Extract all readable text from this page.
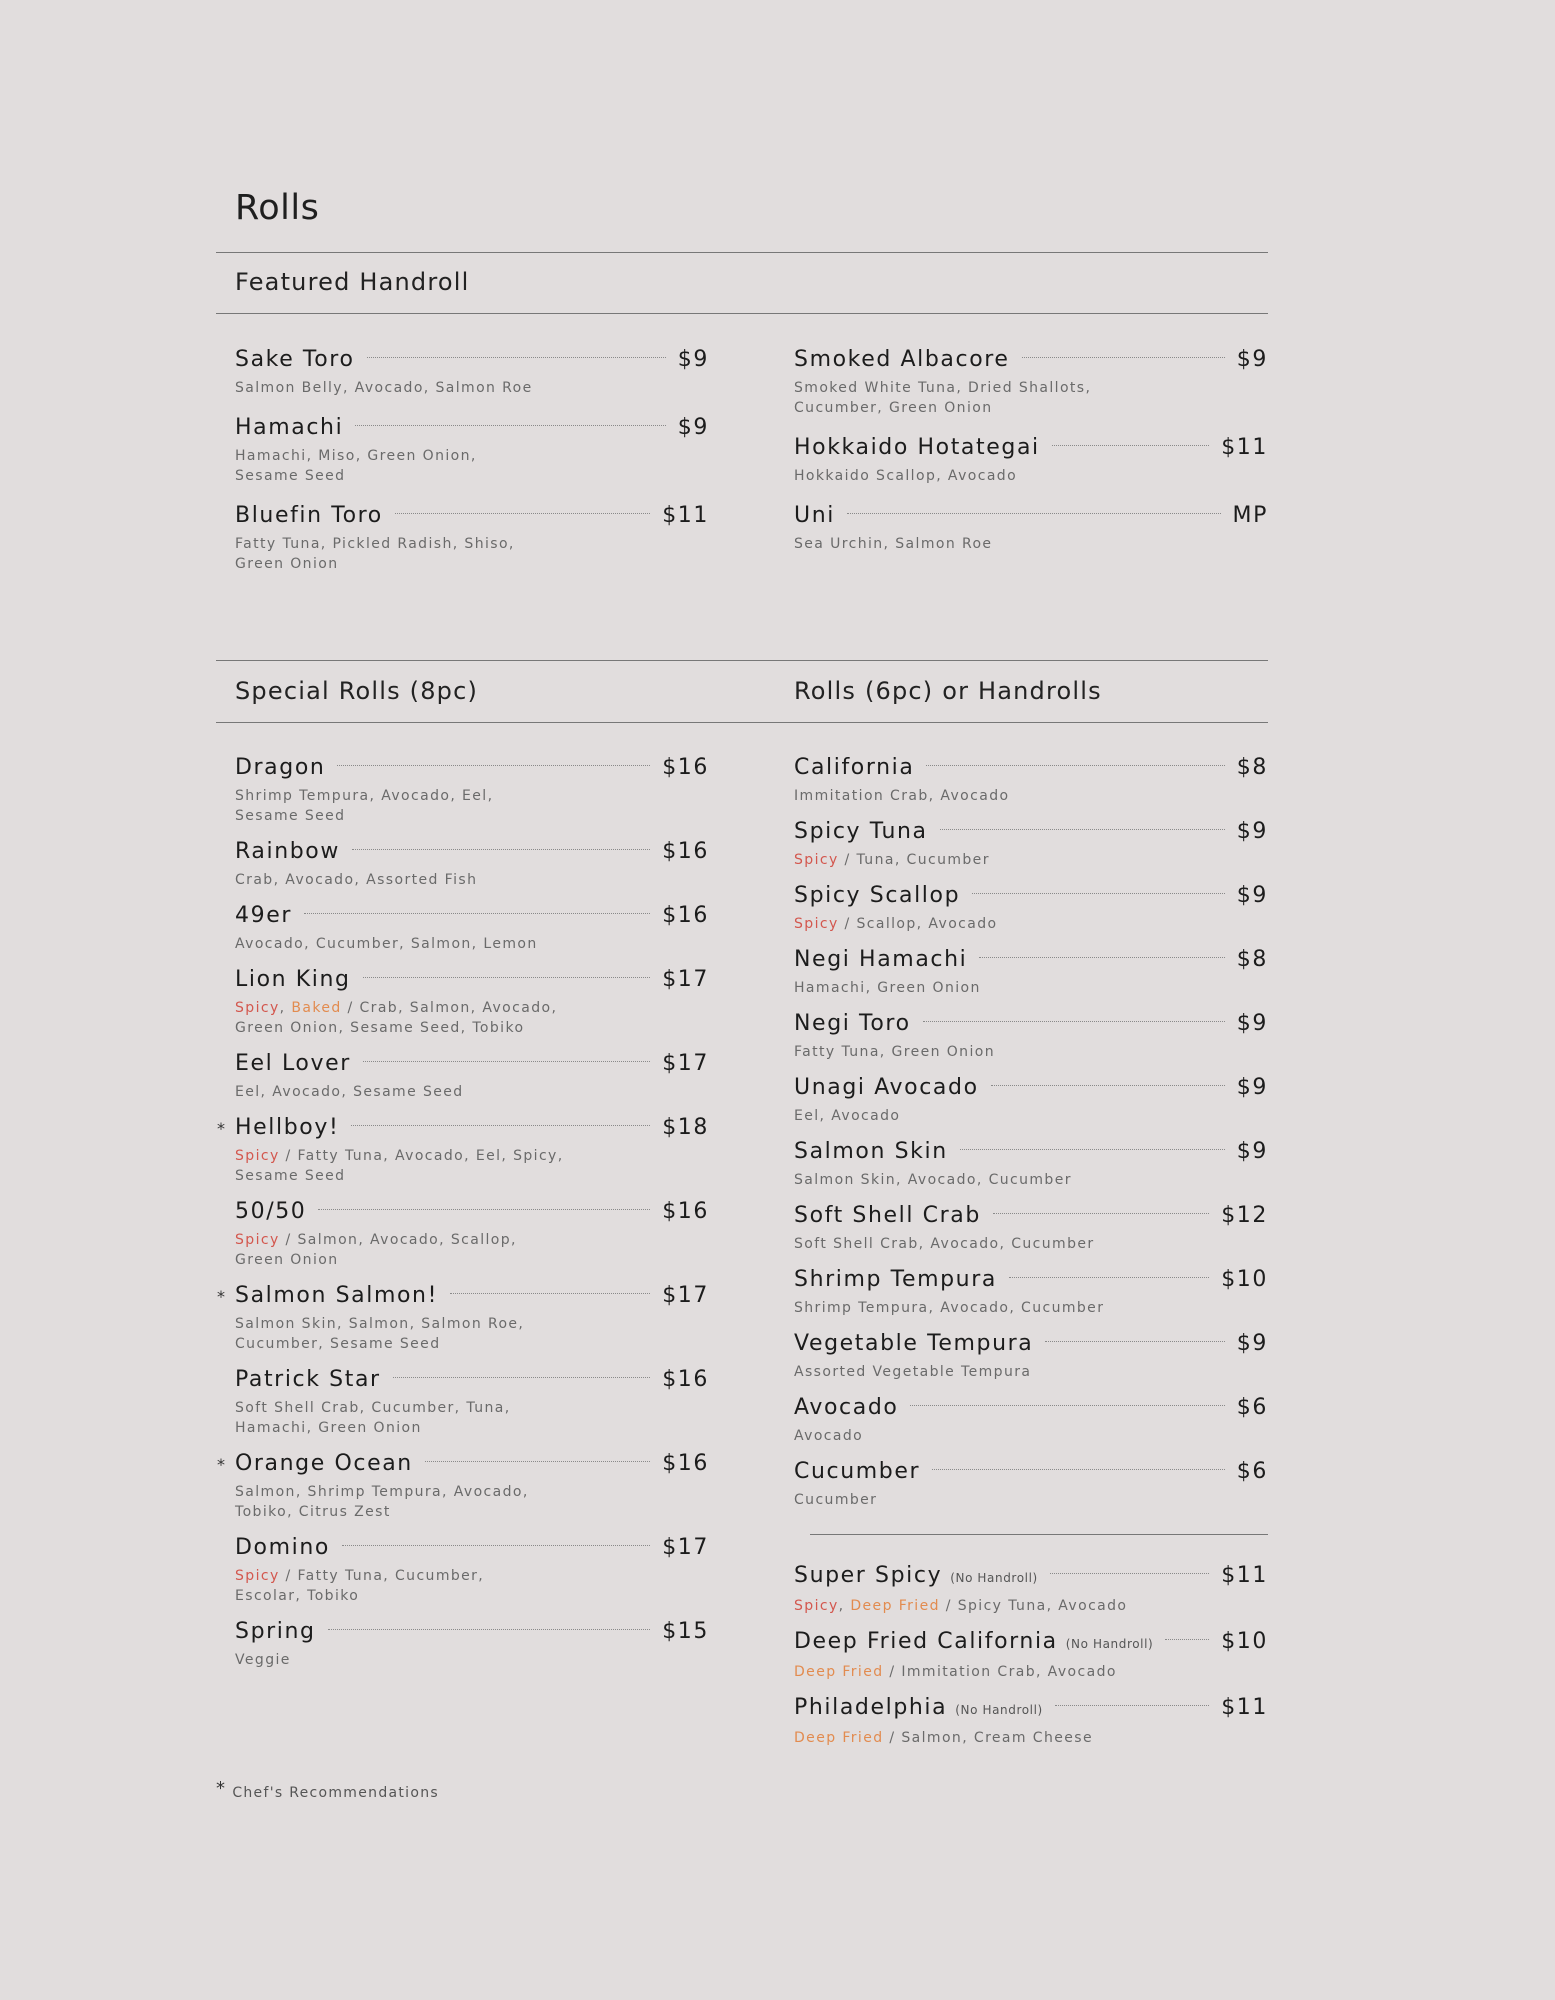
Rolls
Featured Handroll
Sake Toro	$9
Salmon Belly, Avocado, Salmon Roe
Hamachi	$9
Hamachi, Miso, Green Onion,
Sesame Seed
Bluefin Toro	$11
Fatty Tuna, Pickled Radish, Shiso,
Green Onion
Smoked Albacore	$9
Smoked White Tuna, Dried Shallots,
Cucumber, Green Onion
Hokkaido Hotategai	$11
Hokkaido Scallop, Avocado
Uni	MP
Sea Urchin, Salmon Roe
Special Rolls (8pc)	Rolls (6pc) or Handrolls
Dragon	$16
Shrimp Tempura, Avocado, Eel,
Sesame Seed
Rainbow	$16
Crab, Avocado, Assorted Fish
49er	$16
Avocado, Cucumber, Salmon, Lemon
Lion King	$17
Spicy, Baked / Crab, Salmon, Avocado,
Green Onion, Sesame Seed, Tobiko
Eel Lover	$17
Eel, Avocado, Sesame Seed
* Hellboy!	$18
Spicy / Fatty Tuna, Avocado, Eel, Spicy,
Sesame Seed
50/50	$16
Spicy / Salmon, Avocado, Scallop,
Green Onion
* Salmon Salmon!	$17
Salmon Skin, Salmon, Salmon Roe,
Cucumber, Sesame Seed
Patrick Star	$16
Soft Shell Crab, Cucumber, Tuna,
Hamachi, Green Onion
* Orange Ocean	$16
Salmon, Shrimp Tempura, Avocado,
Tobiko, Citrus Zest
Domino	$17
Spicy / Fatty Tuna, Cucumber,
Escolar, Tobiko
Spring	$15
Veggie
California	$8
Immitation Crab, Avocado
Spicy Tuna	$9
Spicy / Tuna, Cucumber
Spicy Scallop	$9
Spicy / Scallop, Avocado
Negi Hamachi	$8
Hamachi, Green Onion
Negi Toro	$9
Fatty Tuna, Green Onion
Unagi Avocado	$9
Eel, Avocado
Salmon Skin	$9
Salmon Skin, Avocado, Cucumber
Soft Shell Crab	$12
Soft Shell Crab, Avocado, Cucumber
Shrimp Tempura	$10
Shrimp Tempura, Avocado, Cucumber
Vegetable Tempura	$9
Assorted Vegetable Tempura
Avocado	$6
Avocado
Cucumber	$6
Cucumber
Super Spicy (No Handroll)	$11
Spicy, Deep Fried / Spicy Tuna, Avocado
Deep Fried California (No Handroll)	$10
Deep Fried / Immitation Crab, Avocado
Philadelphia (No Handroll)	$11
Deep Fried / Salmon, Cream Cheese
* Chef's Recommendations
